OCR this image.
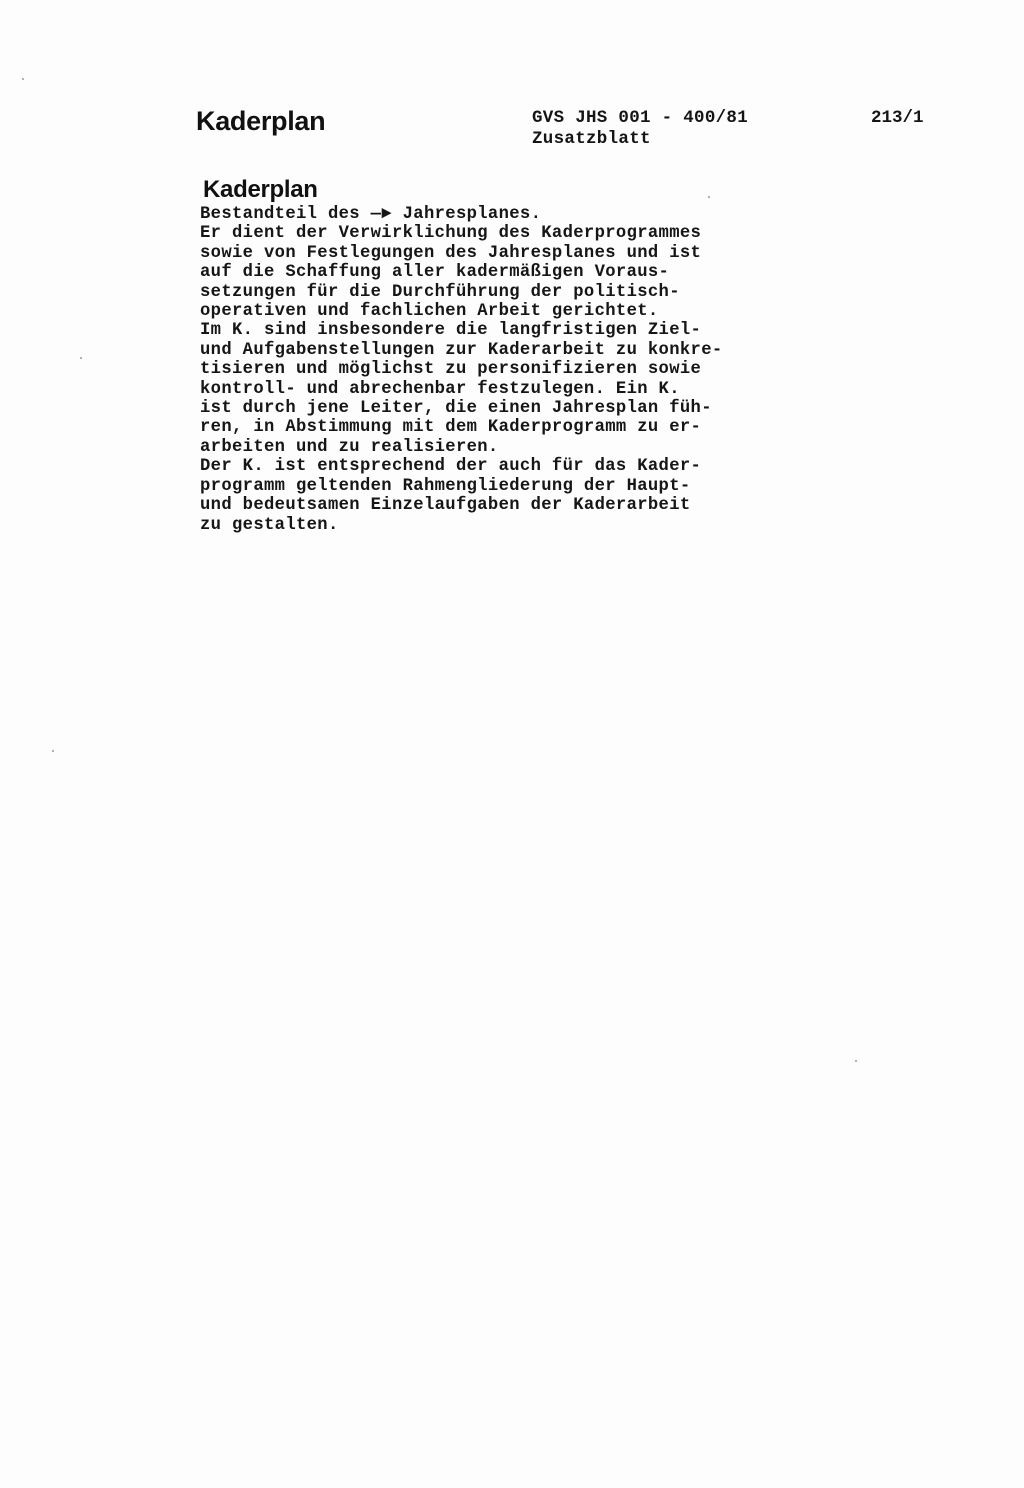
Kaderplan	GVS JHS 001 - 400/81
Zusatzblatt
213/1
Kaderplan
Bestandteil des —► Jahresplanes.
Er dient der Verwirklichung des Kaderprogrammes
sowie von Festlegungen des Jahresplanes und ist
auf die Schaffung aller kadermäßigen Voraus-
setzungen für die Durchführung der politisch-
operativen und fachlichen Arbeit gerichtet.
Im K. sind insbesondere die langfristigen Ziel-
und Aufgabenstellungen zur Kaderarbeit zu konkre-
tisieren und möglichst zu personifizieren sowie
kontroll- und abrechenbar festzulegen. Ein K.
ist durch jene Leiter, die einen Jahresplan füh-
ren, in Abstimmung mit dem Kaderprogramm zu er-
arbeiten und zu realisieren.
Der K. ist entsprechend der auch für das Kader-
programm geltenden Rahmengliederung der Haupt-
und bedeutsamen Einzelaufgaben der Kaderarbeit
zu gestalten.
